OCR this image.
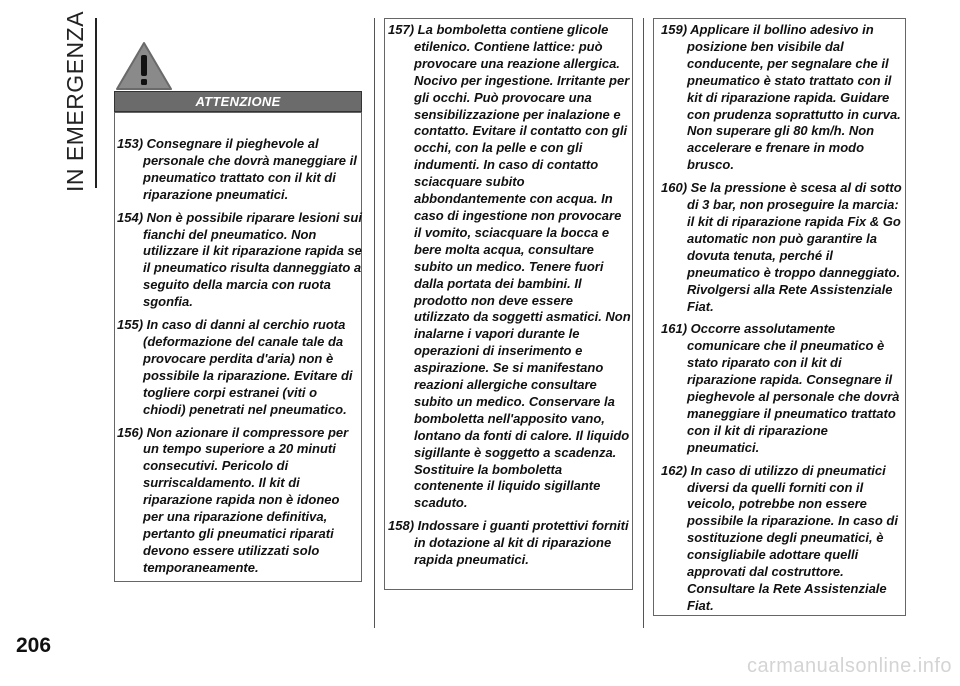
IN EMERGENZA	ATTENZIONE
153) Consegnare il pieghevole al personale che dovrà maneggiare il pneumatico trattato con il kit di riparazione pneumatici.
154) Non è possibile riparare lesioni sui fianchi del pneumatico. Non utilizzare il kit riparazione rapida se il pneumatico risulta danneggiato a seguito della marcia con ruota sgonfia.
155) In caso di danni al cerchio ruota (deformazione del canale tale da provocare perdita d'aria) non è possibile la riparazione. Evitare di togliere corpi estranei (viti o chiodi) penetrati nel pneumatico.
156) Non azionare il compressore per un tempo superiore a 20 minuti consecutivi. Pericolo di surriscaldamento. Il kit di riparazione rapida non è idoneo per una riparazione definitiva, pertanto gli pneumatici riparati devono essere utilizzati solo temporaneamente.
157) La bomboletta contiene glicole etilenico. Contiene lattice: può provocare una reazione allergica. Nocivo per ingestione. Irritante per gli occhi. Può provocare una sensibilizzazione per inalazione e contatto. Evitare il contatto con gli occhi, con la pelle e con gli indumenti. In caso di contatto sciacquare subito abbondantemente con acqua. In caso di ingestione non provocare il vomito, sciacquare la bocca e bere molta acqua, consultare subito un medico. Tenere fuori dalla portata dei bambini. Il prodotto non deve essere utilizzato da soggetti asmatici. Non inalarne i vapori durante le operazioni di inserimento e aspirazione. Se si manifestano reazioni allergiche consultare subito un medico. Conservare la bomboletta nell'apposito vano, lontano da fonti di calore. Il liquido sigillante è soggetto a scadenza. Sostituire la bomboletta contenente il liquido sigillante scaduto.
158) Indossare i guanti protettivi forniti in dotazione al kit di riparazione rapida pneumatici.
159) Applicare il bollino adesivo in posizione ben visibile dal conducente, per segnalare che il pneumatico è stato trattato con il kit di riparazione rapida. Guidare con prudenza soprattutto in curva. Non superare gli 80 km/h. Non accelerare e frenare in modo brusco.
160) Se la pressione è scesa al di sotto di 3 bar, non proseguire la marcia: il kit di riparazione rapida Fix & Go automatic non può garantire la dovuta tenuta, perché il pneumatico è troppo danneggiato. Rivolgersi alla Rete Assistenziale Fiat.
161) Occorre assolutamente comunicare che il pneumatico è stato riparato con il kit di riparazione rapida. Consegnare il pieghevole al personale che dovrà maneggiare il pneumatico trattato con il kit di riparazione pneumatici.
162) In caso di utilizzo di pneumatici diversi da quelli forniti con il veicolo, potrebbe non essere possibile la riparazione. In caso di sostituzione degli pneumatici, è consigliabile adottare quelli approvati dal costruttore. Consultare la Rete Assistenziale Fiat.
206
carmanualsonline.info
